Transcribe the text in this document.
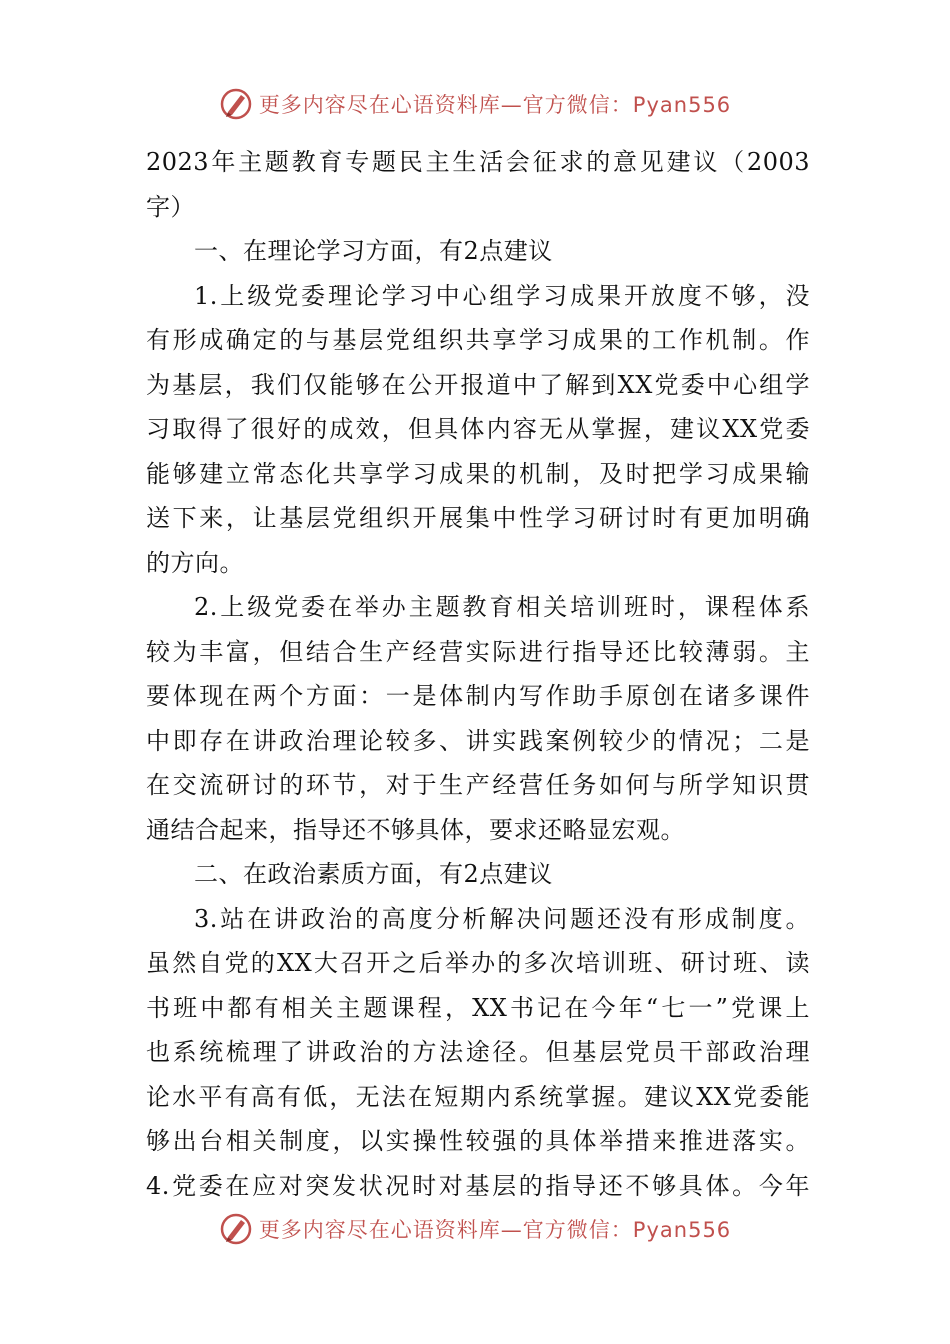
更多内容尽在心语资料库—官方微信：Pyan556
2023年主题教育专题民主生活会征求的意见建议（2003
字）
一、在理论学习方面，有2点建议
1.上级党委理论学习中心组学习成果开放度不够，没
有形成确定的与基层党组织共享学习成果的工作机制。作
为基层，我们仅能够在公开报道中了解到XX党委中心组学
习取得了很好的成效，但具体内容无从掌握，建议XX党委
能够建立常态化共享学习成果的机制，及时把学习成果输
送下来，让基层党组织开展集中性学习研讨时有更加明确
的方向。
2.上级党委在举办主题教育相关培训班时，课程体系
较为丰富，但结合生产经营实际进行指导还比较薄弱。主
要体现在两个方面：一是体制内写作助手原创在诸多课件
中即存在讲政治理论较多、讲实践案例较少的情况；二是
在交流研讨的环节，对于生产经营任务如何与所学知识贯
通结合起来，指导还不够具体，要求还略显宏观。
二、在政治素质方面，有2点建议
3.站在讲政治的高度分析解决问题还没有形成制度。
虽然自党的XX大召开之后举办的多次培训班、研讨班、读
书班中都有相关主题课程，XX书记在今年“七一”党课上
也系统梳理了讲政治的方法途径。但基层党员干部政治理
论水平有高有低，无法在短期内系统掌握。建议XX党委能
够出台相关制度，以实操性较强的具体举措来推进落实。
4.党委在应对突发状况时对基层的指导还不够具体。今年
更多内容尽在心语资料库—官方微信：Pyan556
